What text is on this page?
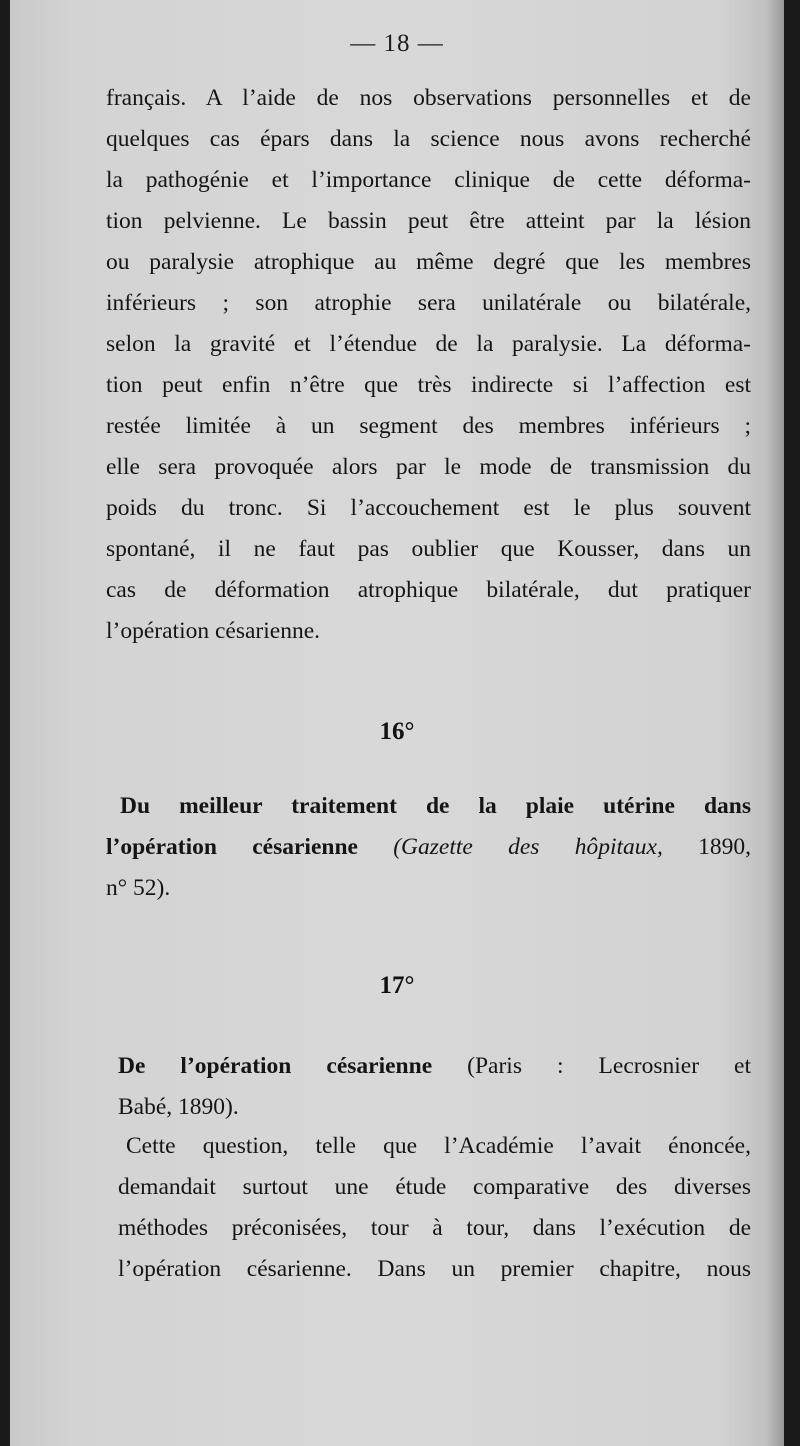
— 18 —
français. A l’aide de nos observations personnelles et de
quelques cas épars dans la science nous avons recherché
la pathogénie et l’importance clinique de cette déforma-
tion pelvienne. Le bassin peut être atteint par la lésion
ou paralysie atrophique au même degré que les membres
inférieurs ; son atrophie sera unilatérale ou bilatérale,
selon la gravité et l’étendue de la paralysie. La déforma-
tion peut enfin n’être que très indirecte si l’affection est
restée limitée à un segment des membres inférieurs ;
elle sera provoquée alors par le mode de transmission du
poids du tronc. Si l’accouchement est le plus souvent
spontané, il ne faut pas oublier que Kousser, dans un
cas de déformation atrophique bilatérale, dut pratiquer
l’opération césarienne.
16°
Du meilleur traitement de la plaie utérine dans
l’opération césarienne (Gazette des hôpitaux, 1890,
n° 52).
17°
De l’opération césarienne (Paris : Lecrosnier et
Babé, 1890).
Cette question, telle que l’Académie l’avait énoncée,
demandait surtout une étude comparative des diverses
méthodes préconisées, tour à tour, dans l’exécution de
l’opération césarienne. Dans un premier chapitre, nous
